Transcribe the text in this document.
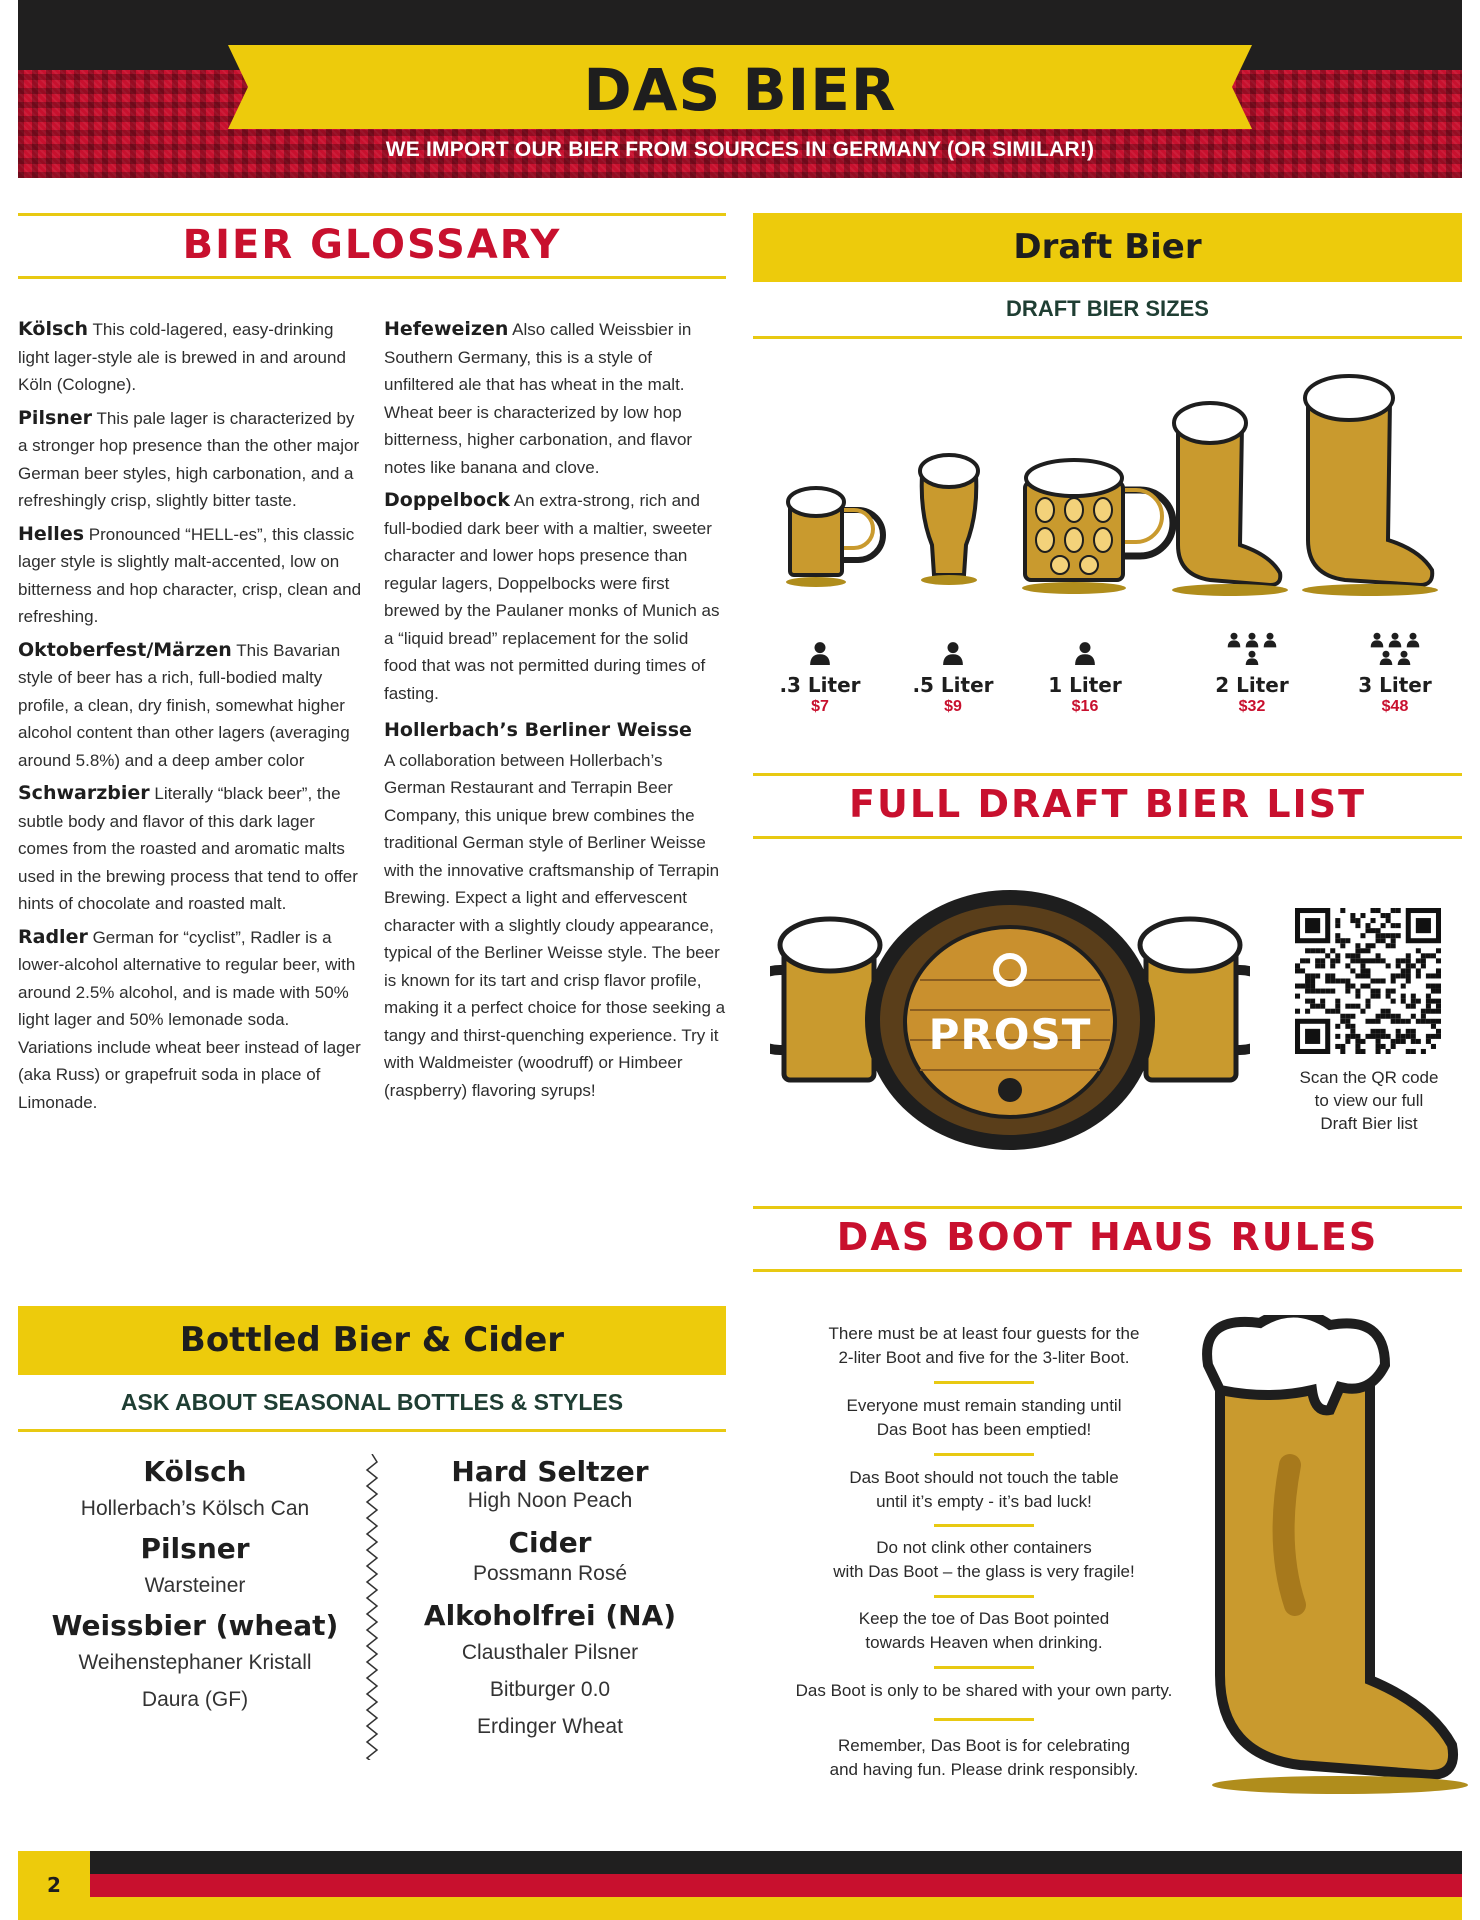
DAS BIER
WE IMPORT OUR BIER FROM SOURCES IN GERMANY (OR SIMILAR!)
BIER GLOSSARY
Kölsch This cold-lagered, easy-drinking light lager-style ale is brewed in and around Köln (Cologne).
Pilsner This pale lager is characterized by a stronger hop presence than the other major German beer styles, high carbonation, and a refreshingly crisp, slightly bitter taste.
Helles Pronounced “HELL-es”, this classic lager style is slightly malt-accented, low on bitterness and hop character, crisp, clean and refreshing.
Oktoberfest/Märzen This Bavarian style of beer has a rich, full-bodied malty profile, a clean, dry finish, somewhat higher alcohol content than other lagers (averaging around 5.8%) and a deep amber color
Schwarzbier Literally “black beer”, the subtle body and flavor of this dark lager comes from the roasted and aromatic malts used in the brewing process that tend to offer hints of chocolate and roasted malt.
Radler German for “cyclist”, Radler is a lower-alcohol alternative to regular beer, with around 2.5% alcohol, and is made with 50% light lager and 50% lemonade soda. Variations include wheat beer instead of lager (aka Russ) or grapefruit soda in place of Limonade.
Hefeweizen Also called Weissbier in Southern Germany, this is a style of unfiltered ale that has wheat in the malt. Wheat beer is characterized by low hop bitterness, higher carbonation, and flavor notes like banana and clove.
Doppelbock An extra-strong, rich and full-bodied dark beer with a maltier, sweeter character and lower hops presence than regular lagers, Doppelbocks were first brewed by the Paulaner monks of Munich as a “liquid bread” replacement for the solid food that was not permitted during times of fasting.
Hollerbach’s Berliner Weisse
A collaboration between Hollerbach’s German Restaurant and Terrapin Beer Company, this unique brew combines the traditional German style of Berliner Weisse with the innovative craftsmanship of Terrapin Brewing. Expect a light and effervescent character with a slightly cloudy appearance, typical of the Berliner Weisse style. The beer is known for its tart and crisp flavor profile, making it a perfect choice for those seeking a tangy and thirst-quenching experience. Try it with Waldmeister (woodruff) or Himbeer (raspberry) flavoring syrups!
Draft Bier
DRAFT BIER SIZES
.3 Liter
$7
.5 Liter
$9
1 Liter
$16
2 Liter
$32
3 Liter
$48
FULL DRAFT BIER LIST
PROST
Scan the QR code
to view our full
Draft Bier list
DAS BOOT HAUS RULES
There must be at least four guests for the
2-liter Boot and five for the 3-liter Boot.
Everyone must remain standing until
Das Boot has been emptied!
Das Boot should not touch the table
until it’s empty - it’s bad luck!
Do not clink other containers
with Das Boot – the glass is very fragile!
Keep the toe of Das Boot pointed
towards Heaven when drinking.
Das Boot is only to be shared with your own party.
Remember, Das Boot is for celebrating
and having fun. Please drink responsibly.
Bottled Bier & Cider
ASK ABOUT SEASONAL BOTTLES & STYLES
Kölsch
Hollerbach’s Kölsch Can
Pilsner
Warsteiner
Weissbier (wheat)
Weihenstephaner Kristall
Daura (GF)
Hard Seltzer
High Noon Peach
Cider
Possmann Rosé
Alkoholfrei (NA)
Clausthaler Pilsner
Bitburger 0.0
Erdinger Wheat
2
